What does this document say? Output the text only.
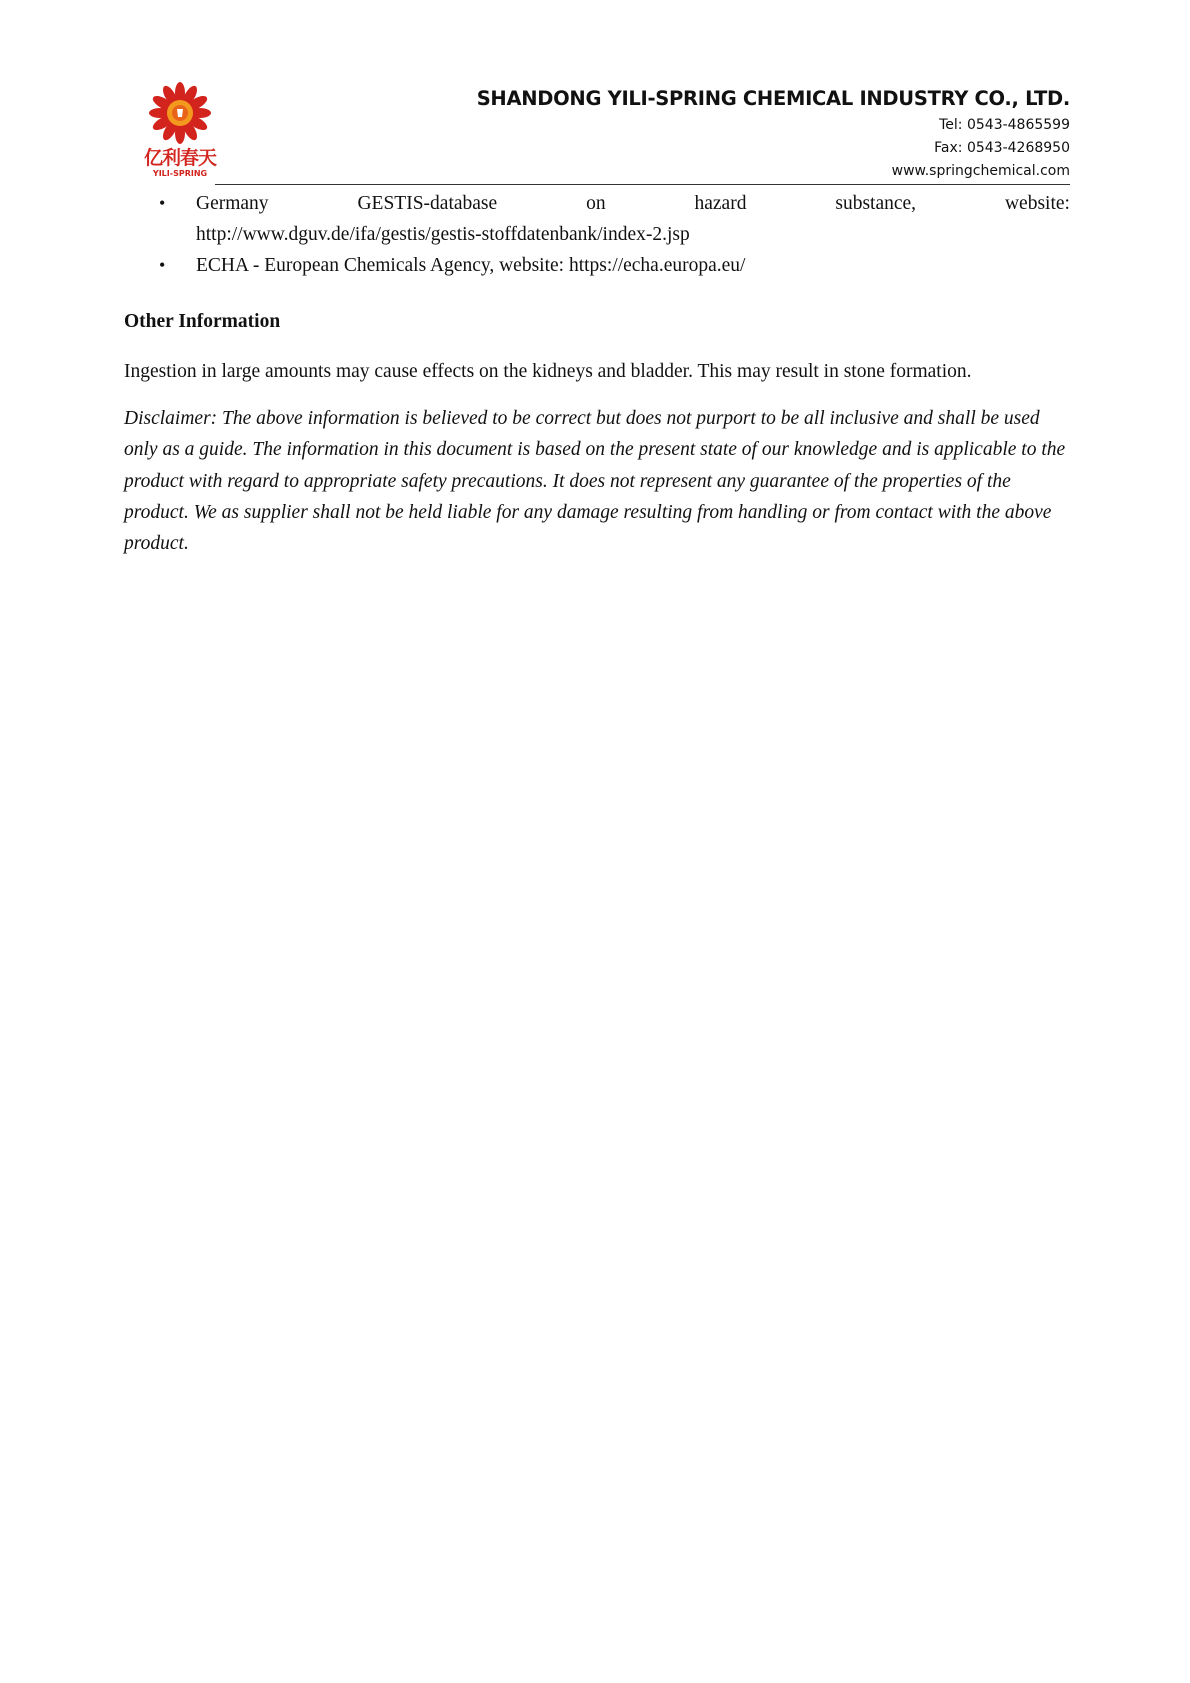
亿利春天
YILI-SPRING
SHANDONG YILI-SPRING CHEMICAL INDUSTRY CO., LTD.
Tel: 0543-4865599
Fax: 0543-4268950
www.springchemical.com
• Germany	GESTIS-database	on	hazard	substance,	website:
http://www.dguv.de/ifa/gestis/gestis-stoffdatenbank/index-2.jsp
• ECHA - European Chemicals Agency, website: https://echa.europa.eu/
Other Information
Ingestion in large amounts may cause effects on the kidneys and bladder. This may result in stone formation.
Disclaimer: The above information is believed to be correct but does not purport to be all inclusive and shall be used only as a guide. The information in this document is based on the present state of our knowledge and is applicable to the product with regard to appropriate safety precautions. It does not represent any guarantee of the properties of the product. We as supplier shall not be held liable for any damage resulting from handling or from contact with the above product.
